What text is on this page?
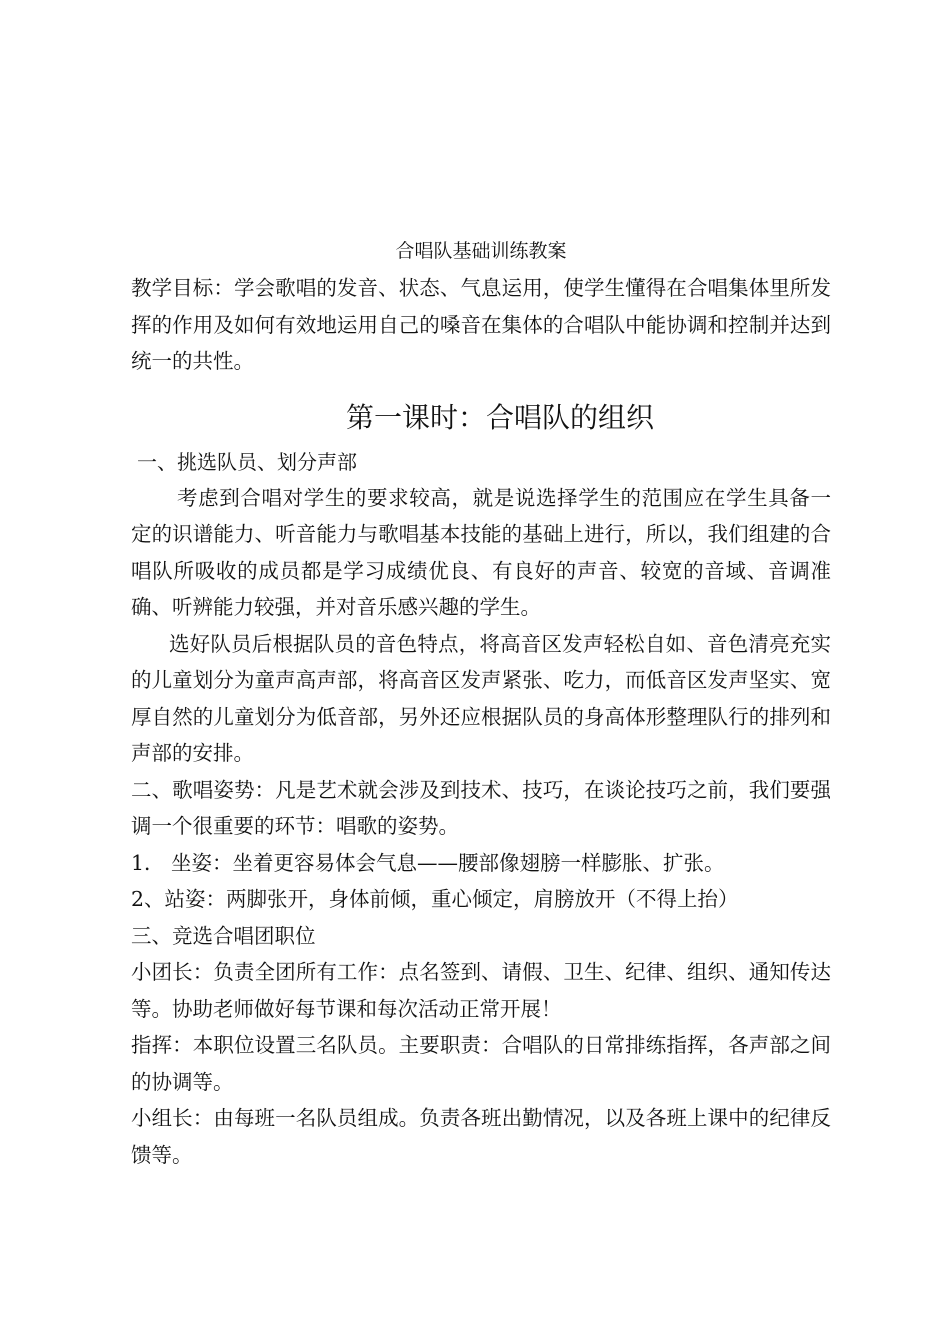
合唱队基础训练教案

教学目标：学会歌唱的发音、状态、气息运用，使学生懂得在合唱集体里所发挥的作用及如何有效地运用自己的嗓音在集体的合唱队中能协调和控制并达到统一的共性。

第一课时：合唱队的组织

一、挑选队员、划分声部

考虑到合唱对学生的要求较高，就是说选择学生的范围应在学生具备一定的识谱能力、听音能力与歌唱基本技能的基础上进行，所以，我们组建的合唱队所吸收的成员都是学习成绩优良、有良好的声音、较宽的音域、音调准确、听辨能力较强，并对音乐感兴趣的学生。

选好队员后根据队员的音色特点，将高音区发声轻松自如、音色清亮充实的儿童划分为童声高声部，将高音区发声紧张、吃力，而低音区发声坚实、宽厚自然的儿童划分为低音部，另外还应根据队员的身高体形整理队行的排列和声部的安排。

二、歌唱姿势：凡是艺术就会涉及到技术、技巧，在谈论技巧之前，我们要强调一个很重要的环节：唱歌的姿势。

1． 坐姿：坐着更容易体会气息——腰部像翅膀一样膨胀、扩张。

2、站姿：两脚张开，身体前倾，重心倾定，肩膀放开（不得上抬）

三、竞选合唱团职位

小团长：负责全团所有工作：点名签到、请假、卫生、纪律、组织、通知传达等。协助老师做好每节课和每次活动正常开展！

指挥：本职位设置三名队员。主要职责：合唱队的日常排练指挥，各声部之间的协调等。

小组长：由每班一名队员组成。负责各班出勤情况，以及各班上课中的纪律反馈等。
